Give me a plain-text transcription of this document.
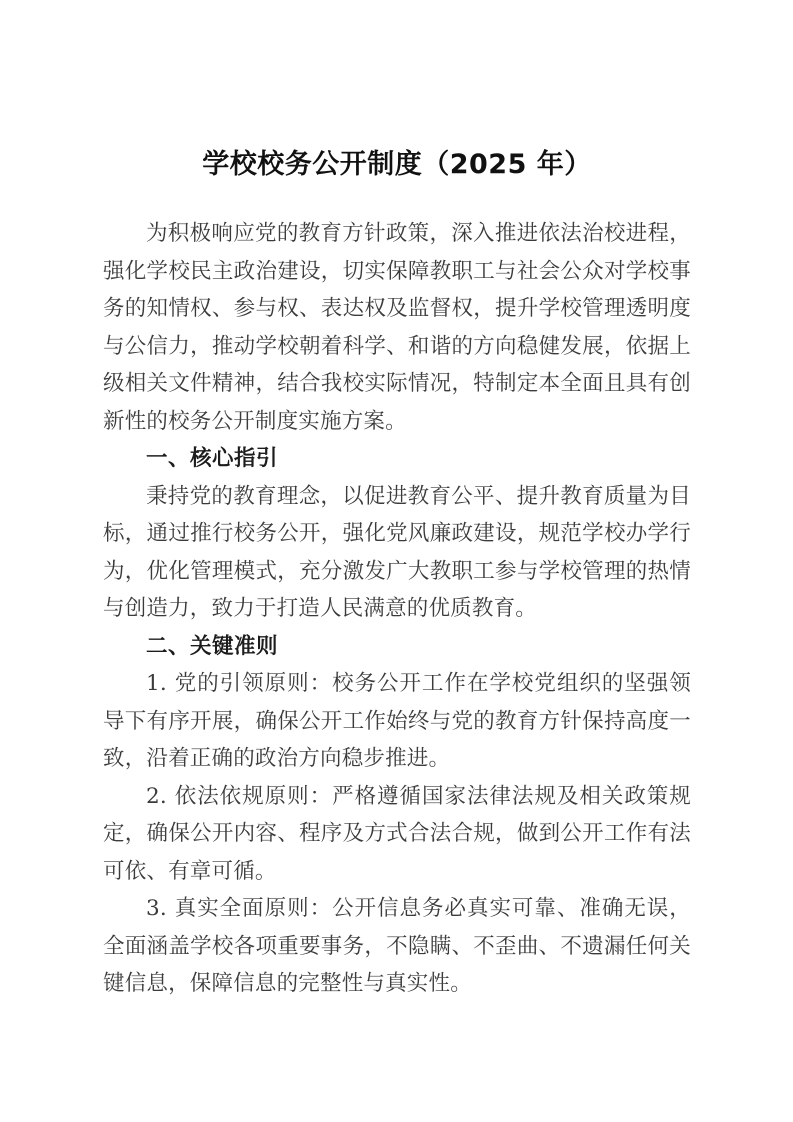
学校校务公开制度（2025 年）

为积极响应党的教育方针政策，深入推进依法治校进程，强化学校民主政治建设，切实保障教职工与社会公众对学校事务的知情权、参与权、表达权及监督权，提升学校管理透明度与公信力，推动学校朝着科学、和谐的方向稳健发展，依据上级相关文件精神，结合我校实际情况，特制定本全面且具有创新性的校务公开制度实施方案。

一、核心指引

秉持党的教育理念，以促进教育公平、提升教育质量为目标，通过推行校务公开，强化党风廉政建设，规范学校办学行为，优化管理模式，充分激发广大教职工参与学校管理的热情与创造力，致力于打造人民满意的优质教育。

二、关键准则

1. 党的引领原则：校务公开工作在学校党组织的坚强领导下有序开展，确保公开工作始终与党的教育方针保持高度一致，沿着正确的政治方向稳步推进。

2. 依法依规原则：严格遵循国家法律法规及相关政策规定，确保公开内容、程序及方式合法合规，做到公开工作有法可依、有章可循。

3. 真实全面原则：公开信息务必真实可靠、准确无误，全面涵盖学校各项重要事务，不隐瞒、不歪曲、不遗漏任何关键信息，保障信息的完整性与真实性。
